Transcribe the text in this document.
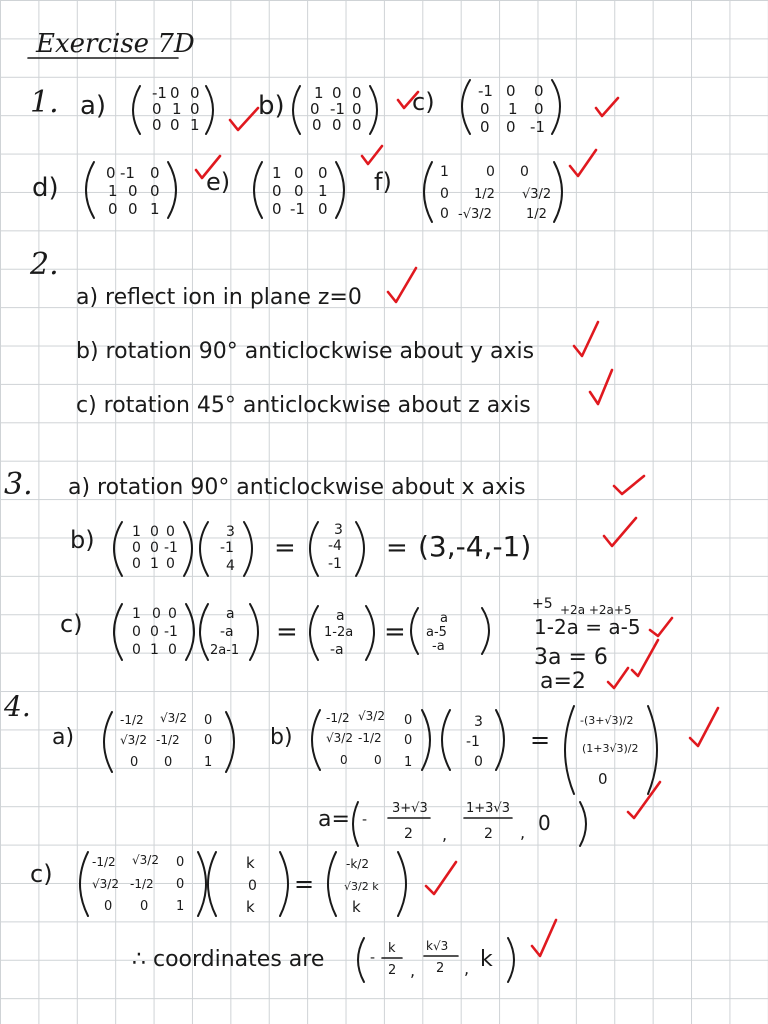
Exercise 7D
1. a)	-1 0 0
0 1 0
0 0 1
b) 1 0 0
0 -1 0
0 0 0
c)	-1 0 0
0 1 0
0 0 -1
d)	0 -1 0
1 0 0
0 0 1
e)	1 0 0
0 0 1
0 -1 0
f)	1	0 0
0 1/2 √3/2
0 -√3/2	1/2
2.
a) reflect ion in plane z=0
b) rotation 90° anticlockwise about y axis
c) rotation 45° anticlockwise about z axis
3. a) rotation 90° anticlockwise about x axis
b)	1 0 0
0 0 -1
0 1 0
3
-1
4
=
3
-4
-1
= (3,-4,-1)
c)	1 0 0
0 0 -1
0 1 0
a
-a
2a-1
=
a
1-2a
-a
=	a
a-5
-a
+5 +2a +2a+5
1-2a = a-5
3a = 6
a=2
4.
a)
-1/2 √3/2 0
√3/2 -1/2 0
0 0 1
b)
-1/2 √3/2 0
√3/2 -1/2 0
0 0 1
3
-1
0
=
-(3+√3)/2
(1+3√3)/2
0
a= -
3+√3
2 ,
1+3√3
2 , 0
c)	-1/2 √3/2 0
√3/2 -1/2 0
0 0 1
k
0
k
=
-k/2
√3/2 k
k
∴ coordinates are	-
k
2 ,
k√3
2 , k
